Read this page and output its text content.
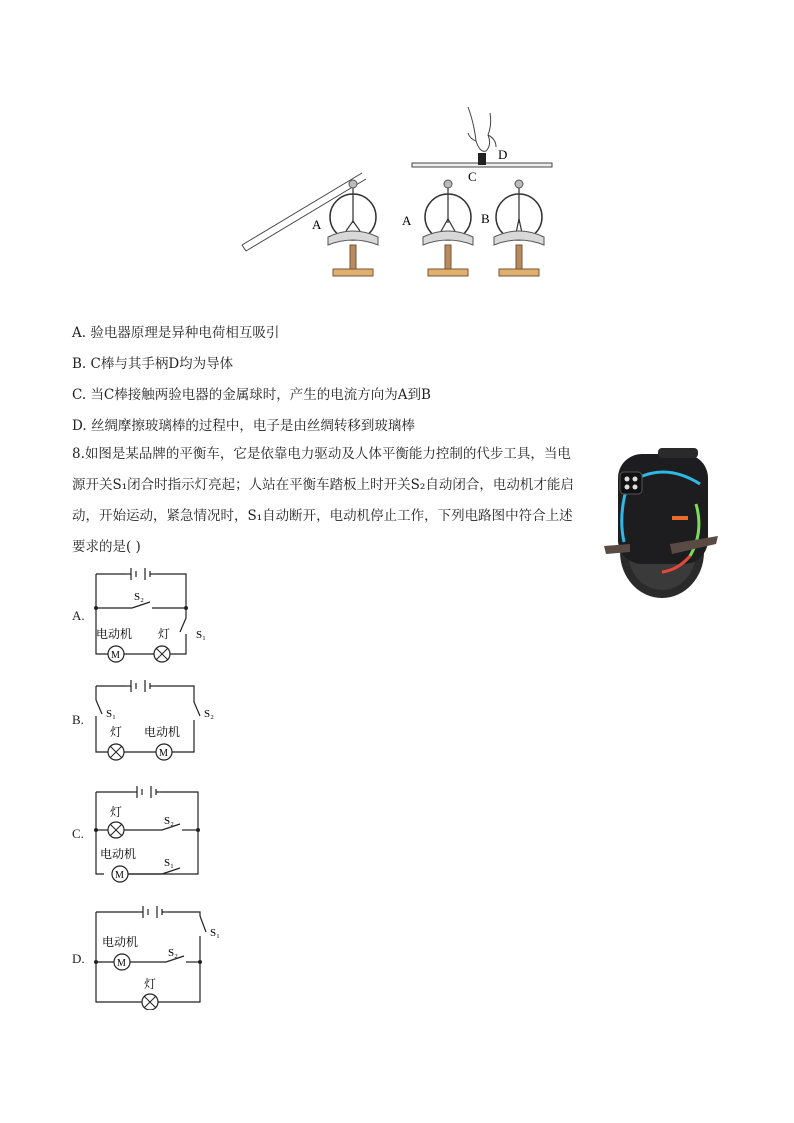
A	A	B
C
D
A. 验电器原理是异种电荷相互吸引
B. C棒与其手柄D均为导体
C. 当C棒接触两验电器的金属球时，产生的电流方向为A到B
D. 丝绸摩擦玻璃棒的过程中，电子是由丝绸转移到玻璃棒
8.如图是某品牌的平衡车，它是依靠电力驱动及人体平衡能力控制的代步工具，当电源开关S₁闭合时指示灯亮起；人站在平衡车踏板上时开关S₂自动闭合，电动机才能启动，开始运动，紧急情况时，S₁自动断开，电动机停止工作，下列电路图中符合上述要求的是( )
A.
M
S₂
S₁
电动机 灯
B.
M
S₁	S₂
灯 电动机
C.
M
灯
S₂
电动机
S₁
D.	M
S₁
电动机
S₂
灯
